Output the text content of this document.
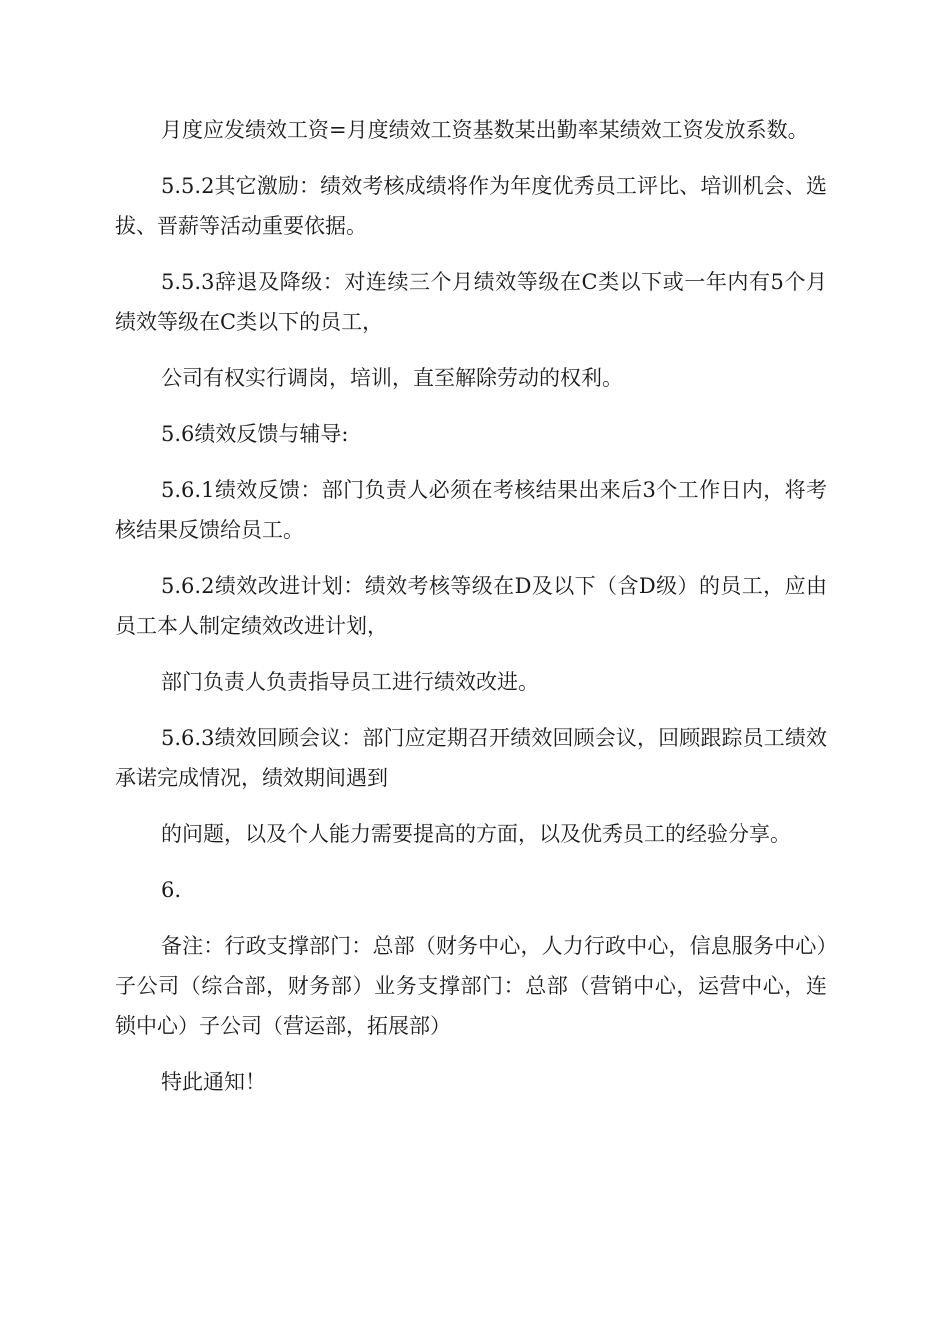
月度应发绩效工资=月度绩效工资基数某出勤率某绩效工资发放系数。

5.5.2其它激励：绩效考核成绩将作为年度优秀员工评比、培训机会、选拔、晋薪等活动重要依据。

5.5.3辞退及降级：对连续三个月绩效等级在C类以下或一年内有5个月绩效等级在C类以下的员工，

公司有权实行调岗，培训，直至解除劳动的权利。

5.6绩效反馈与辅导:

5.6.1绩效反馈：部门负责人必须在考核结果出来后3个工作日内，将考核结果反馈给员工。

5.6.2绩效改进计划：绩效考核等级在D及以下（含D级）的员工，应由员工本人制定绩效改进计划，

部门负责人负责指导员工进行绩效改进。

5.6.3绩效回顾会议：部门应定期召开绩效回顾会议，回顾跟踪员工绩效承诺完成情况，绩效期间遇到

的问题，以及个人能力需要提高的方面，以及优秀员工的经验分享。

6.

备注：行政支撑部门：总部（财务中心，人力行政中心，信息服务中心）子公司（综合部，财务部）业务支撑部门：总部（营销中心，运营中心，连锁中心）子公司（营运部，拓展部）

特此通知！
